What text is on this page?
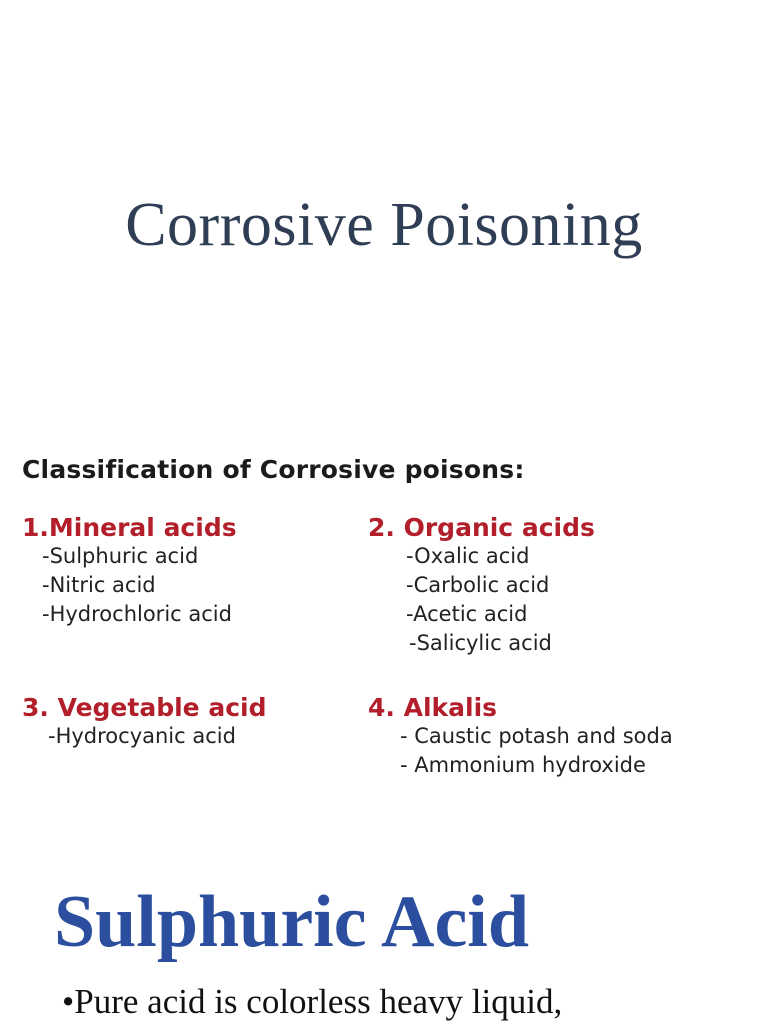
Corrosive Poisoning

Classification of Corrosive poisons:

1.Mineral acids

-Sulphuric acid
-Nitric acid
-Hydrochloric acid

2. Organic acids

-Oxalic acid
-Carbolic acid
-Acetic acid
-Salicylic acid

3. Vegetable acid

-Hydrocyanic acid

4. Alkalis

- Caustic potash and soda
- Ammonium hydroxide
Sulphuric Acid
•Pure acid is colorless heavy liquid,
